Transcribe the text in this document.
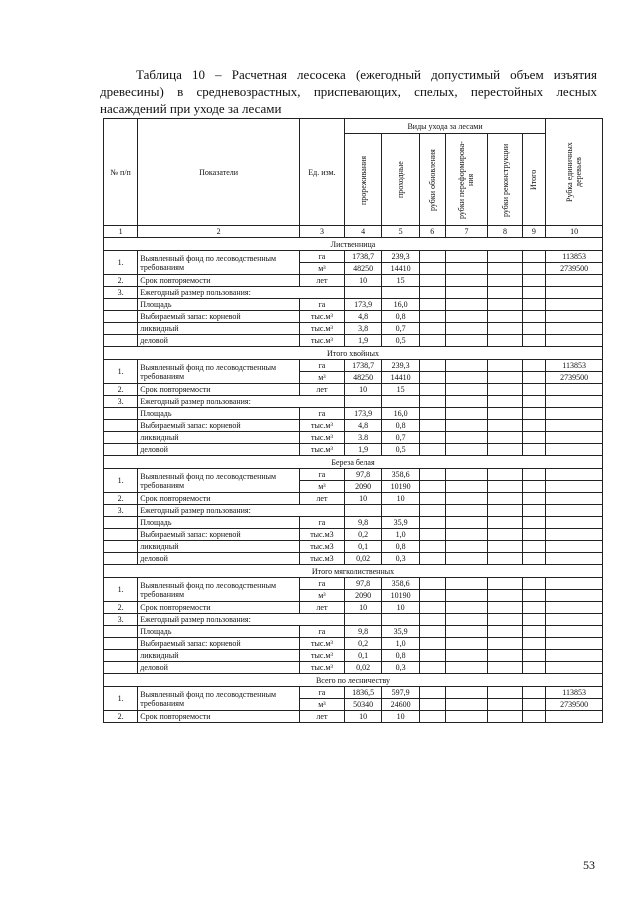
Таблица 10 – Расчетная лесосека (ежегодный допустимый объем изъятия древесины) в средневозрастных, приспевающих, спелых, перестойных лесных насаждений при уходе за лесами
№ п/п	Показатели	Ед. изм.	Виды ухода за лесами						Рубка единичных деревьев

			прореживания	проходные	рубки обновления	рубки переформирова-ния	рубки реконструкции	Итого	

1	2	3	4	5	6	7	8	9	10
Лиственница									
1.	Выявленный фонд по лесоводственным требованиям	га	1738,7	239,3					113853
		м³	48250	14410					2739500
2.	Срок повторяемости	лет	10	15					
3.	Ежегодный размер пользования:								
	Площадь	га	173,9	16,0					
	Выбираемый запас: корневой	тыс.м³	4,8	0,8					
	ликвидный	тыс.м³	3,8	0,7					
	деловой	тыс.м³	1,9	0,5					
Итого хвойных									
1.	Выявленный фонд по лесоводственным требованиям	га	1738,7	239,3					113853
		м³	48250	14410					2739500
2.	Срок повторяемости	лет	10	15					
3.	Ежегодный размер пользования:								
	Площадь	га	173,9	16,0					
	Выбираемый запас: корневой	тыс.м³	4,8	0,8					
	ликвидный	тыс.м³	3.8	0,7					
	деловой	тыс.м³	1,9	0,5					
Береза белая									
1.	Выявленный фонд по лесоводственным требованиям	га	97,8	358,6					
		м³	2090	10190					
2.	Срок повторяемости	лет	10	10					
3.	Ежегодный размер пользования:								
	Площадь	га	9,8	35,9					
	Выбираемый запас: корневой	тыс.м3	0,2	1,0					
	ликвидный	тыс.м3	0,1	0,8					
	деловой	тыс.м3	0,02	0,3					
Итого мягколиственных									
1.	Выявленный фонд по лесоводственным требованиям	га	97,8	358,6					
		м³	2090	10190					
2.	Срок повторяемости	лет	10	10					
3.	Ежегодный размер пользования:								
	Площадь	га	9,8	35,9					
	Выбираемый запас: корневой	тыс.м³	0,2	1,0					
	ликвидный	тыс.м³	0,1	0,8					
	деловой	тыс.м³	0,02	0,3					
Всего по лесничеству									
1.	Выявленный фонд по лесоводственным требованиям	га	1836,5	597,9					113853
		м³	50340	24600					2739500
2.	Срок повторяемости	лет	10	10					
53
